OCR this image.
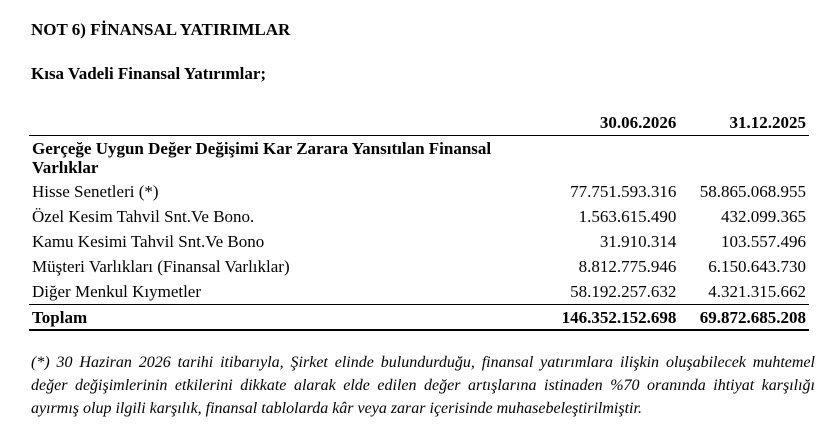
NOT 6) FİNANSAL YATIRIMLAR
Kısa Vadeli Finansal Yatırımlar;
	30.06.2026	31.12.2025
Gerçeğe Uygun Değer Değişimi Kar Zarara Yansıtılan Finansal Varlıklar		
Hisse Senetleri (*)	77.751.593.316	58.865.068.955
Özel Kesim Tahvil Snt.Ve Bono.	1.563.615.490	432.099.365
Kamu Kesimi Tahvil Snt.Ve Bono	31.910.314	103.557.496
Müşteri Varlıkları (Finansal Varlıklar)	8.812.775.946	6.150.643.730
Diğer Menkul Kıymetler	58.192.257.632	4.321.315.662
Toplam	146.352.152.698	69.872.685.208
(*) 30 Haziran 2026 tarihi itibarıyla, Şirket elinde bulundurduğu, finansal yatırımlara ilişkin oluşabilecek muhtemel değer değişimlerinin etkilerini dikkate alarak elde edilen değer artışlarına istinaden %70 oranında ihtiyat karşılığı ayırmış olup ilgili karşılık, finansal tablolarda kâr veya zarar içerisinde muhasebeleştirilmiştir.
